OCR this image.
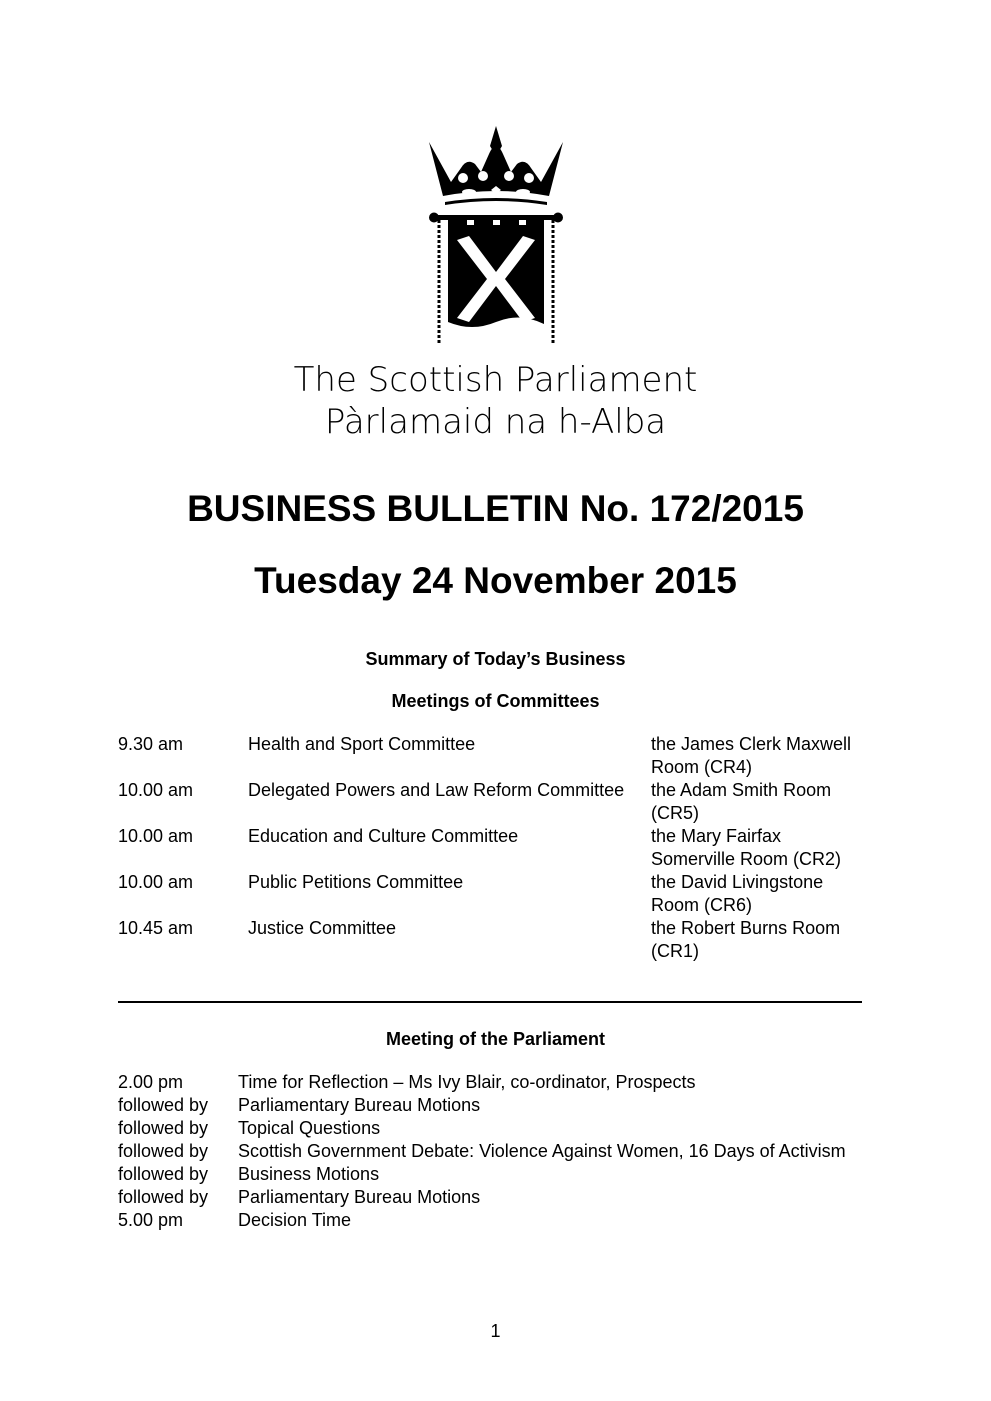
The Scottish Parliament
Pàrlamaid na h-Alba
BUSINESS BULLETIN No. 172/2015
Tuesday 24 November 2015
Summary of Today’s Business
Meetings of Committees
9.30 am	Health and Sport Committee	the James Clerk Maxwell Room (CR4)
10.00 am	Delegated Powers and Law Reform Committee	the Adam Smith Room (CR5)
10.00 am	Education and Culture Committee	the Mary Fairfax Somerville Room (CR2)
10.00 am	Public Petitions Committee	the David Livingstone Room (CR6)
10.45 am	Justice Committee	the Robert Burns Room (CR1)
Meeting of the Parliament
2.00 pm	Time for Reflection – Ms Ivy Blair, co-ordinator, Prospects
followed by	Parliamentary Bureau Motions
followed by	Topical Questions
followed by	Scottish Government Debate: Violence Against Women, 16 Days of Activism
followed by	Business Motions
followed by	Parliamentary Bureau Motions
5.00 pm	Decision Time
1
